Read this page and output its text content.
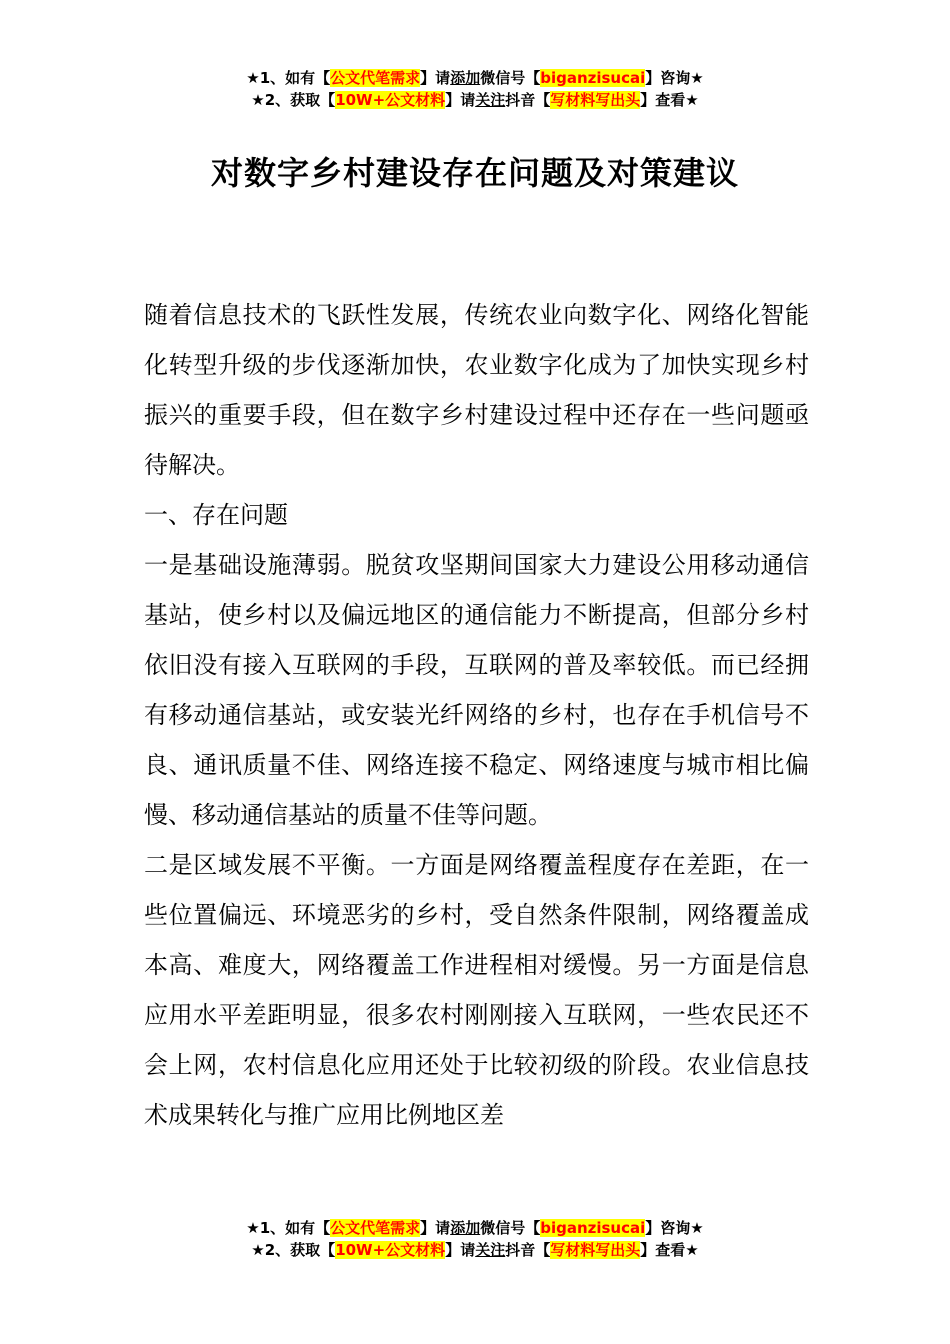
★1、如有【公文代笔需求】请添加微信号【biganzisucai】咨询★
★2、获取【10W+公文材料】请关注抖音【写材料写出头】查看★
对数字乡村建设存在问题及对策建议

随着信息技术的飞跃性发展，传统农业向数字化、网络化智能化转型升级的步伐逐渐加快，农业数字化成为了加快实现乡村振兴的重要手段，但在数字乡村建设过程中还存在一些问题亟待解决。

一、存在问题

一是基础设施薄弱。脱贫攻坚期间国家大力建设公用移动通信基站，使乡村以及偏远地区的通信能力不断提高，但部分乡村依旧没有接入互联网的手段，互联网的普及率较低。而已经拥有移动通信基站，或安装光纤网络的乡村，也存在手机信号不良、通讯质量不佳、网络连接不稳定、网络速度与城市相比偏慢、移动通信基站的质量不佳等问题。

二是区域发展不平衡。一方面是网络覆盖程度存在差距，在一些位置偏远、环境恶劣的乡村，受自然条件限制，网络覆盖成本高、难度大，网络覆盖工作进程相对缓慢。另一方面是信息应用水平差距明显，很多农村刚刚接入互联网，一些农民还不会上网，农村信息化应用还处于比较初级的阶段。农业信息技术成果转化与推广应用比例地区差

★1、如有【公文代笔需求】请添加微信号【biganzisucai】咨询★
★2、获取【10W+公文材料】请关注抖音【写材料写出头】查看★
